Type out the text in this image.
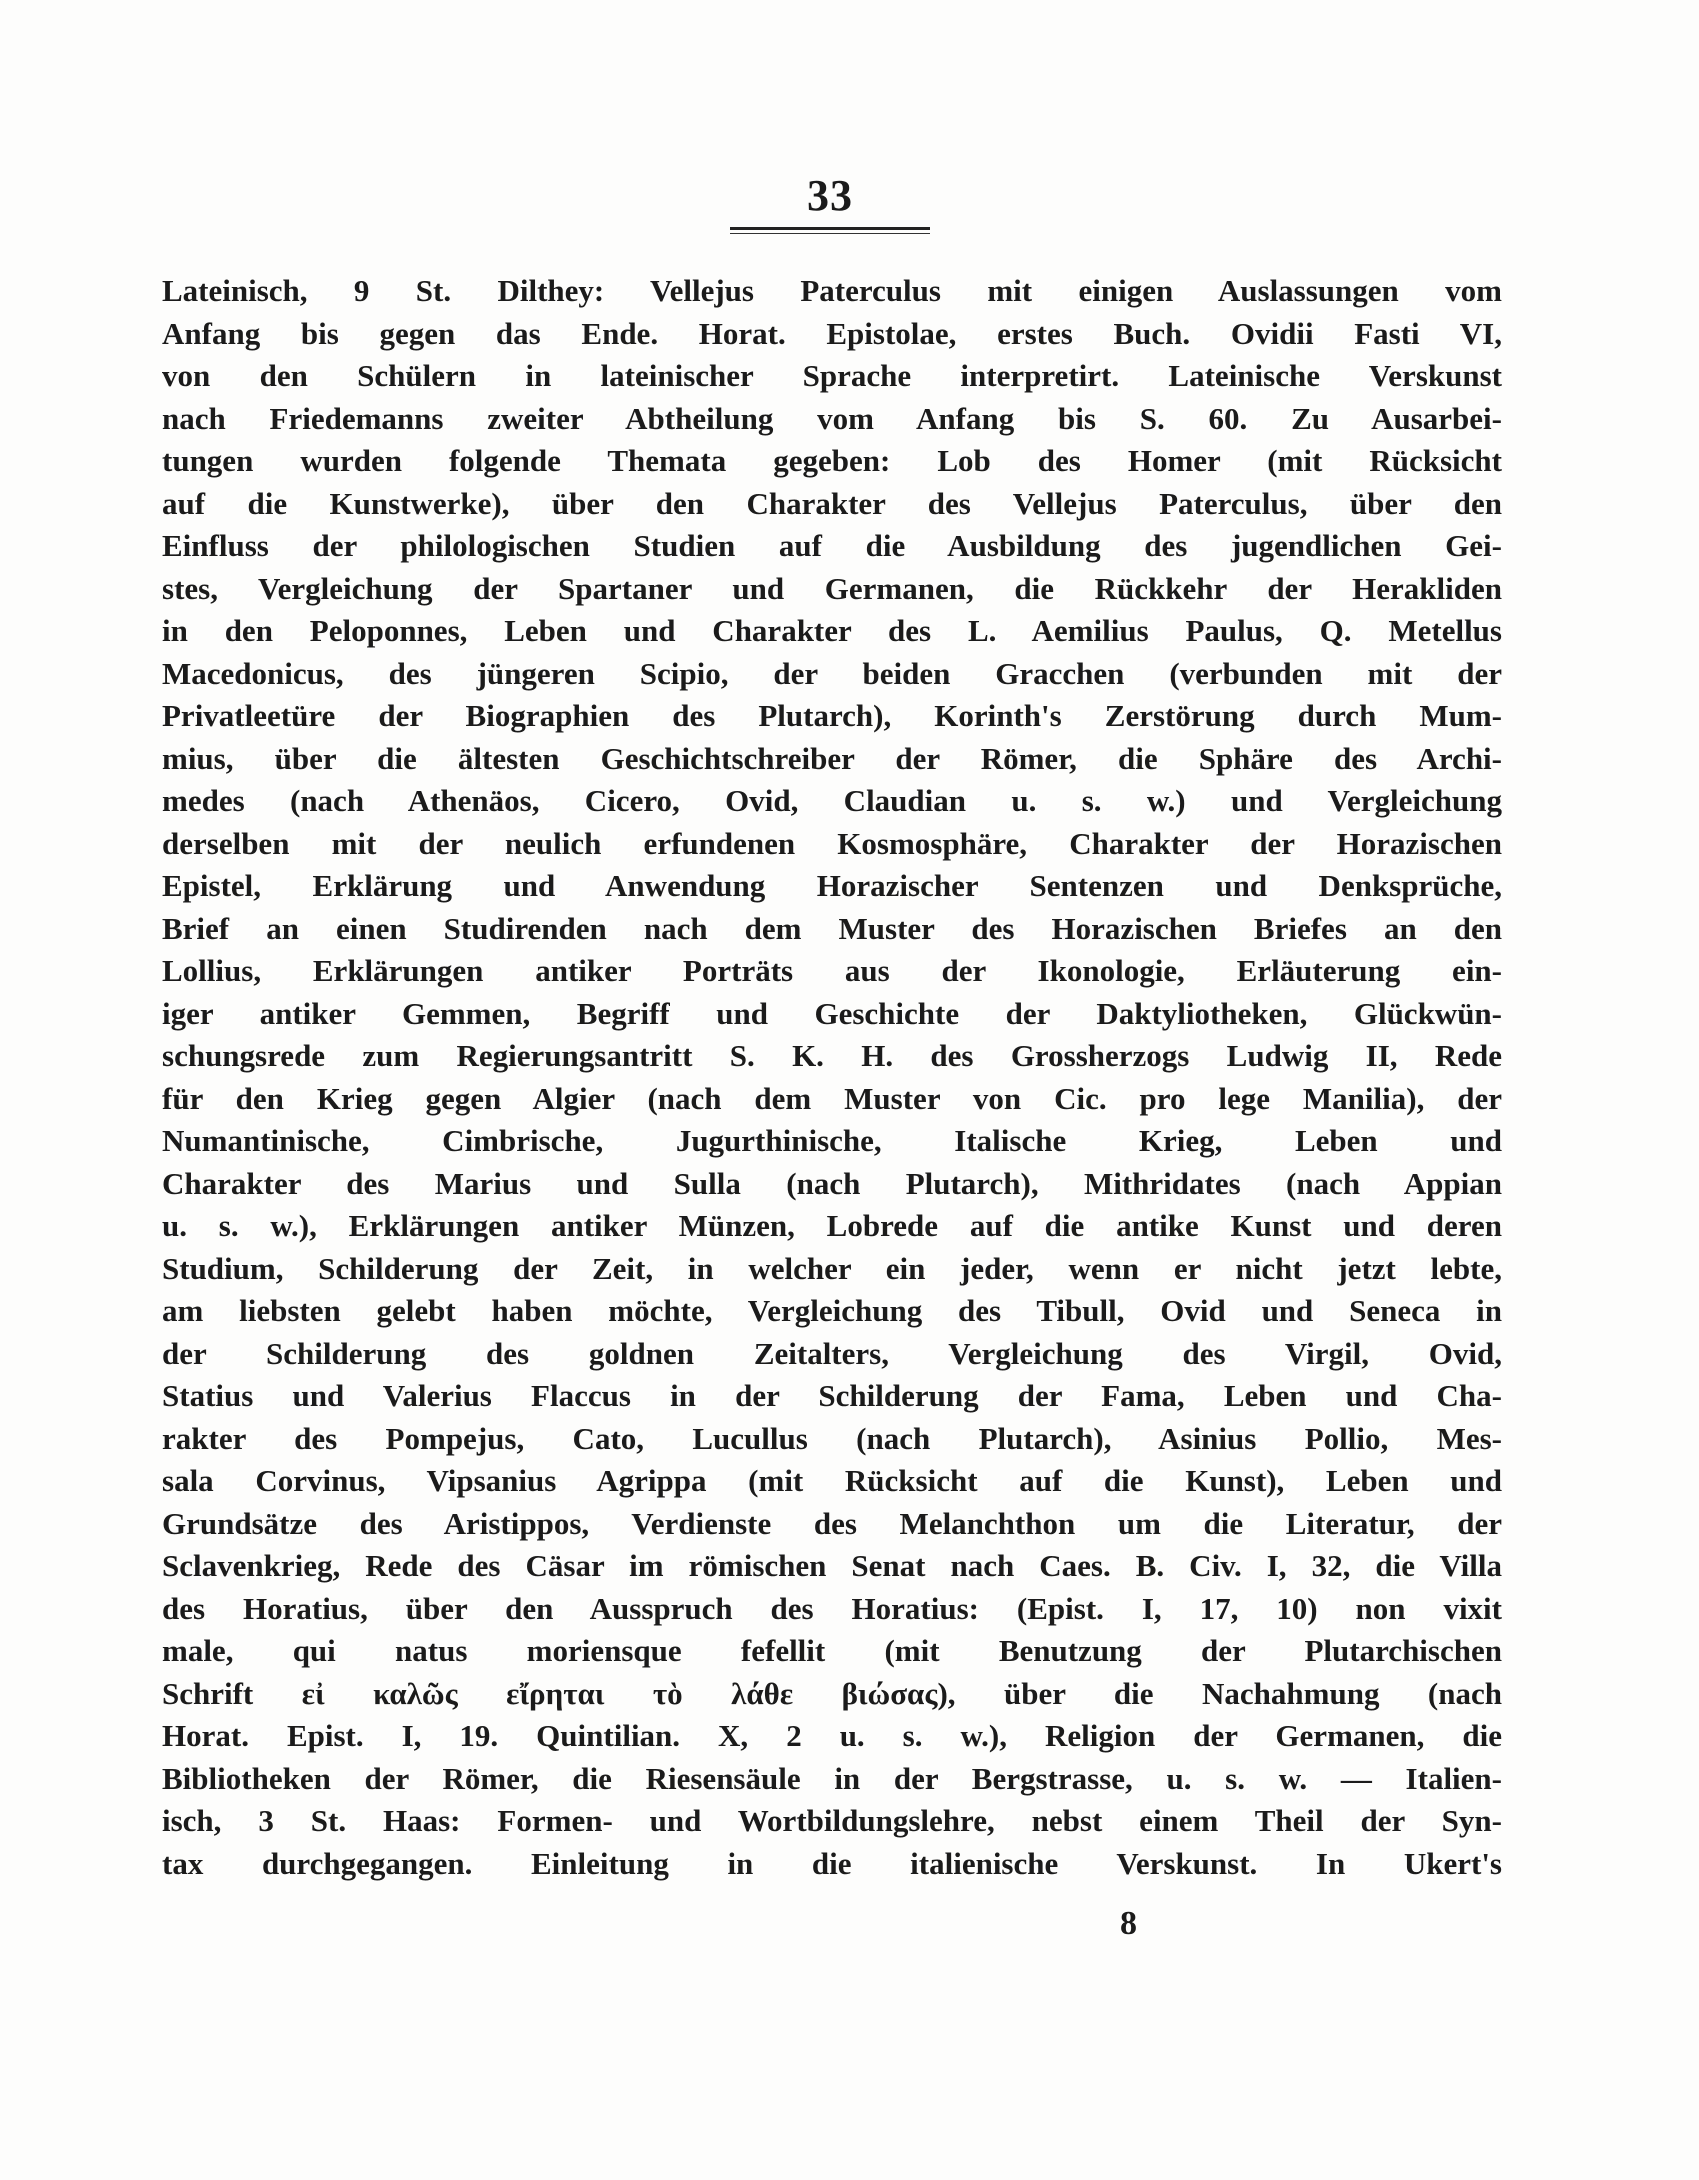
33
Lateinisch, 9 St. Dilthey: Vellejus Paterculus mit einigen Auslassungen vom
Anfang bis gegen das Ende. Horat. Epistolae, erstes Buch. Ovidii Fasti VI,
von den Schülern in lateinischer Sprache interpretirt. Lateinische Verskunst
nach Friedemanns zweiter Abtheilung vom Anfang bis S. 60. Zu Ausarbei-
tungen wurden folgende Themata gegeben: Lob des Homer (mit Rücksicht
auf die Kunstwerke), über den Charakter des Vellejus Paterculus, über den
Einfluss der philologischen Studien auf die Ausbildung des jugendlichen Gei-
stes, Vergleichung der Spartaner und Germanen, die Rückkehr der Herakliden
in den Peloponnes, Leben und Charakter des L. Aemilius Paulus, Q. Metellus
Macedonicus, des jüngeren Scipio, der beiden Gracchen (verbunden mit der
Privatleetüre der Biographien des Plutarch), Korinth's Zerstörung durch Mum-
mius, über die ältesten Geschichtschreiber der Römer, die Sphäre des Archi-
medes (nach Athenäos, Cicero, Ovid, Claudian u. s. w.) und Vergleichung
derselben mit der neulich erfundenen Kosmosphäre, Charakter der Horazischen
Epistel, Erklärung und Anwendung Horazischer Sentenzen und Denksprüche,
Brief an einen Studirenden nach dem Muster des Horazischen Briefes an den
Lollius, Erklärungen antiker Porträts aus der Ikonologie, Erläuterung ein-
iger antiker Gemmen, Begriff und Geschichte der Daktyliotheken, Glückwün-
schungsrede zum Regierungsantritt S. K. H. des Grossherzogs Ludwig II, Rede
für den Krieg gegen Algier (nach dem Muster von Cic. pro lege Manilia), der
Numantinische, Cimbrische, Jugurthinische, Italische Krieg, Leben und
Charakter des Marius und Sulla (nach Plutarch), Mithridates (nach Appian
u. s. w.), Erklärungen antiker Münzen, Lobrede auf die antike Kunst und deren
Studium, Schilderung der Zeit, in welcher ein jeder, wenn er nicht jetzt lebte,
am liebsten gelebt haben möchte, Vergleichung des Tibull, Ovid und Seneca in
der Schilderung des goldnen Zeitalters, Vergleichung des Virgil, Ovid,
Statius und Valerius Flaccus in der Schilderung der Fama, Leben und Cha-
rakter des Pompejus, Cato, Lucullus (nach Plutarch), Asinius Pollio, Mes-
sala Corvinus, Vipsanius Agrippa (mit Rücksicht auf die Kunst), Leben und
Grundsätze des Aristippos, Verdienste des Melanchthon um die Literatur, der
Sclavenkrieg, Rede des Cäsar im römischen Senat nach Caes. B. Civ. I, 32, die Villa
des Horatius, über den Ausspruch des Horatius: (Epist. I, 17, 10) non vixit
male, qui natus moriensque fefellit (mit Benutzung der Plutarchischen
Schrift εἰ καλῶς εἴρηται τὸ λάθε βιώσας), über die Nachahmung (nach
Horat. Epist. I, 19. Quintilian. X, 2 u. s. w.), Religion der Germanen, die
Bibliotheken der Römer, die Riesensäule in der Bergstrasse, u. s. w. — Italien-
isch, 3 St. Haas: Formen- und Wortbildungslehre, nebst einem Theil der Syn-
tax durchgegangen. Einleitung in die italienische Verskunst. In Ukert's
8
